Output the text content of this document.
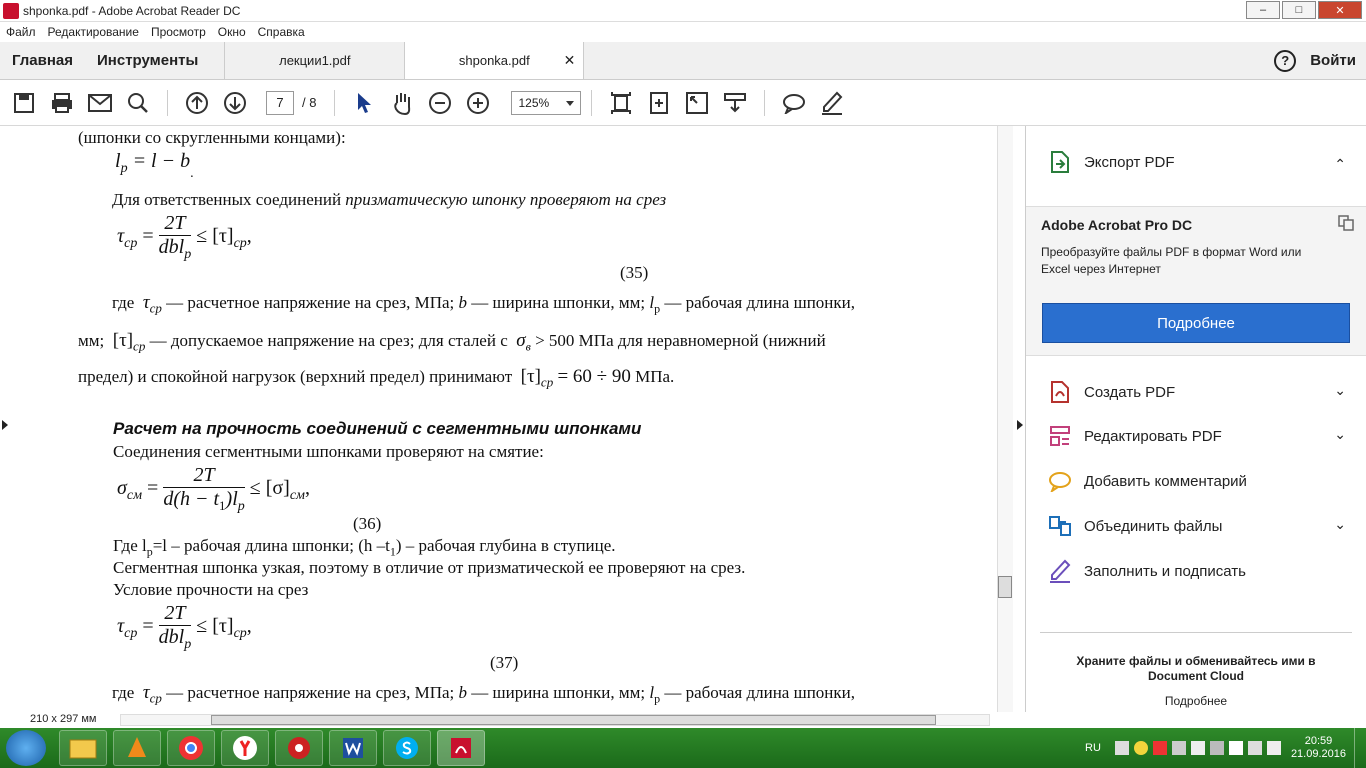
shponka.pdf - Adobe Acrobat Reader DC	–	□	✕
Файл Редактирование Просмотр Окно Справка
Главная	Инструменты	лекции1.pdf	shponka.pdf ✕	?	Войти
7	/ 8	125%
(шпонки со скругленными концами):
$l_p = l - b_.$
Для ответственных соединений призматическую шпонку проверяют на срез
$\tau_{ср} = \frac{2T}{dbl_p} \le [\tau]_{ср}$,
(35)
где $\tau_{ср}$ — расчетное напряжение на срез, МПа; b — ширина шпонки, мм; $l_р$ — рабочая длина шпонки,
мм; $[\tau]_{ср}$ — допускаемое напряжение на срез; для сталей с $\sigma_в > 500$ МПа для неравномерной (нижний
предел) и спокойной нагрузок (верхний предел) принимают $[\tau]_{ср} = 60 \div 90$ МПа.
Расчет на прочность соединений с сегментными шпонками
Соединения сегментными шпонками проверяют на смятие:
$\sigma_{см} = \frac{2T}{d(h - t_1)l_p} \le [\sigma]_{см}$,
(36)
Где $l_р=l$ – рабочая длина шпонки; (h $-t_1$) – рабочая глубина в ступице.
Сегментная шпонка узкая, поэтому в отличие от призматической ее проверяют на срез.
Условие прочности на срез
$\tau_{ср} = \frac{2T}{dbl_p} \le [\tau]_{ср}$,
(37)
где $\tau_{ср}$ — расчетное напряжение на срез, МПа; b — ширина шпонки, мм; $l_р$ — рабочая длина шпонки,
210 x 297 мм
Экспорт PDF	⌃
Adobe Acrobat Pro DC
Преобразуйте файлы PDF в формат Word или
Excel через Интернет
Подробнее
Создать PDF	⌄
Редактировать PDF	⌄
Добавить комментарий
Объединить файлы	⌄
Заполнить и подписать
Храните файлы и обменивайтесь ими в
Document Cloud
Подробнее
RU
20:59
21.09.2016
